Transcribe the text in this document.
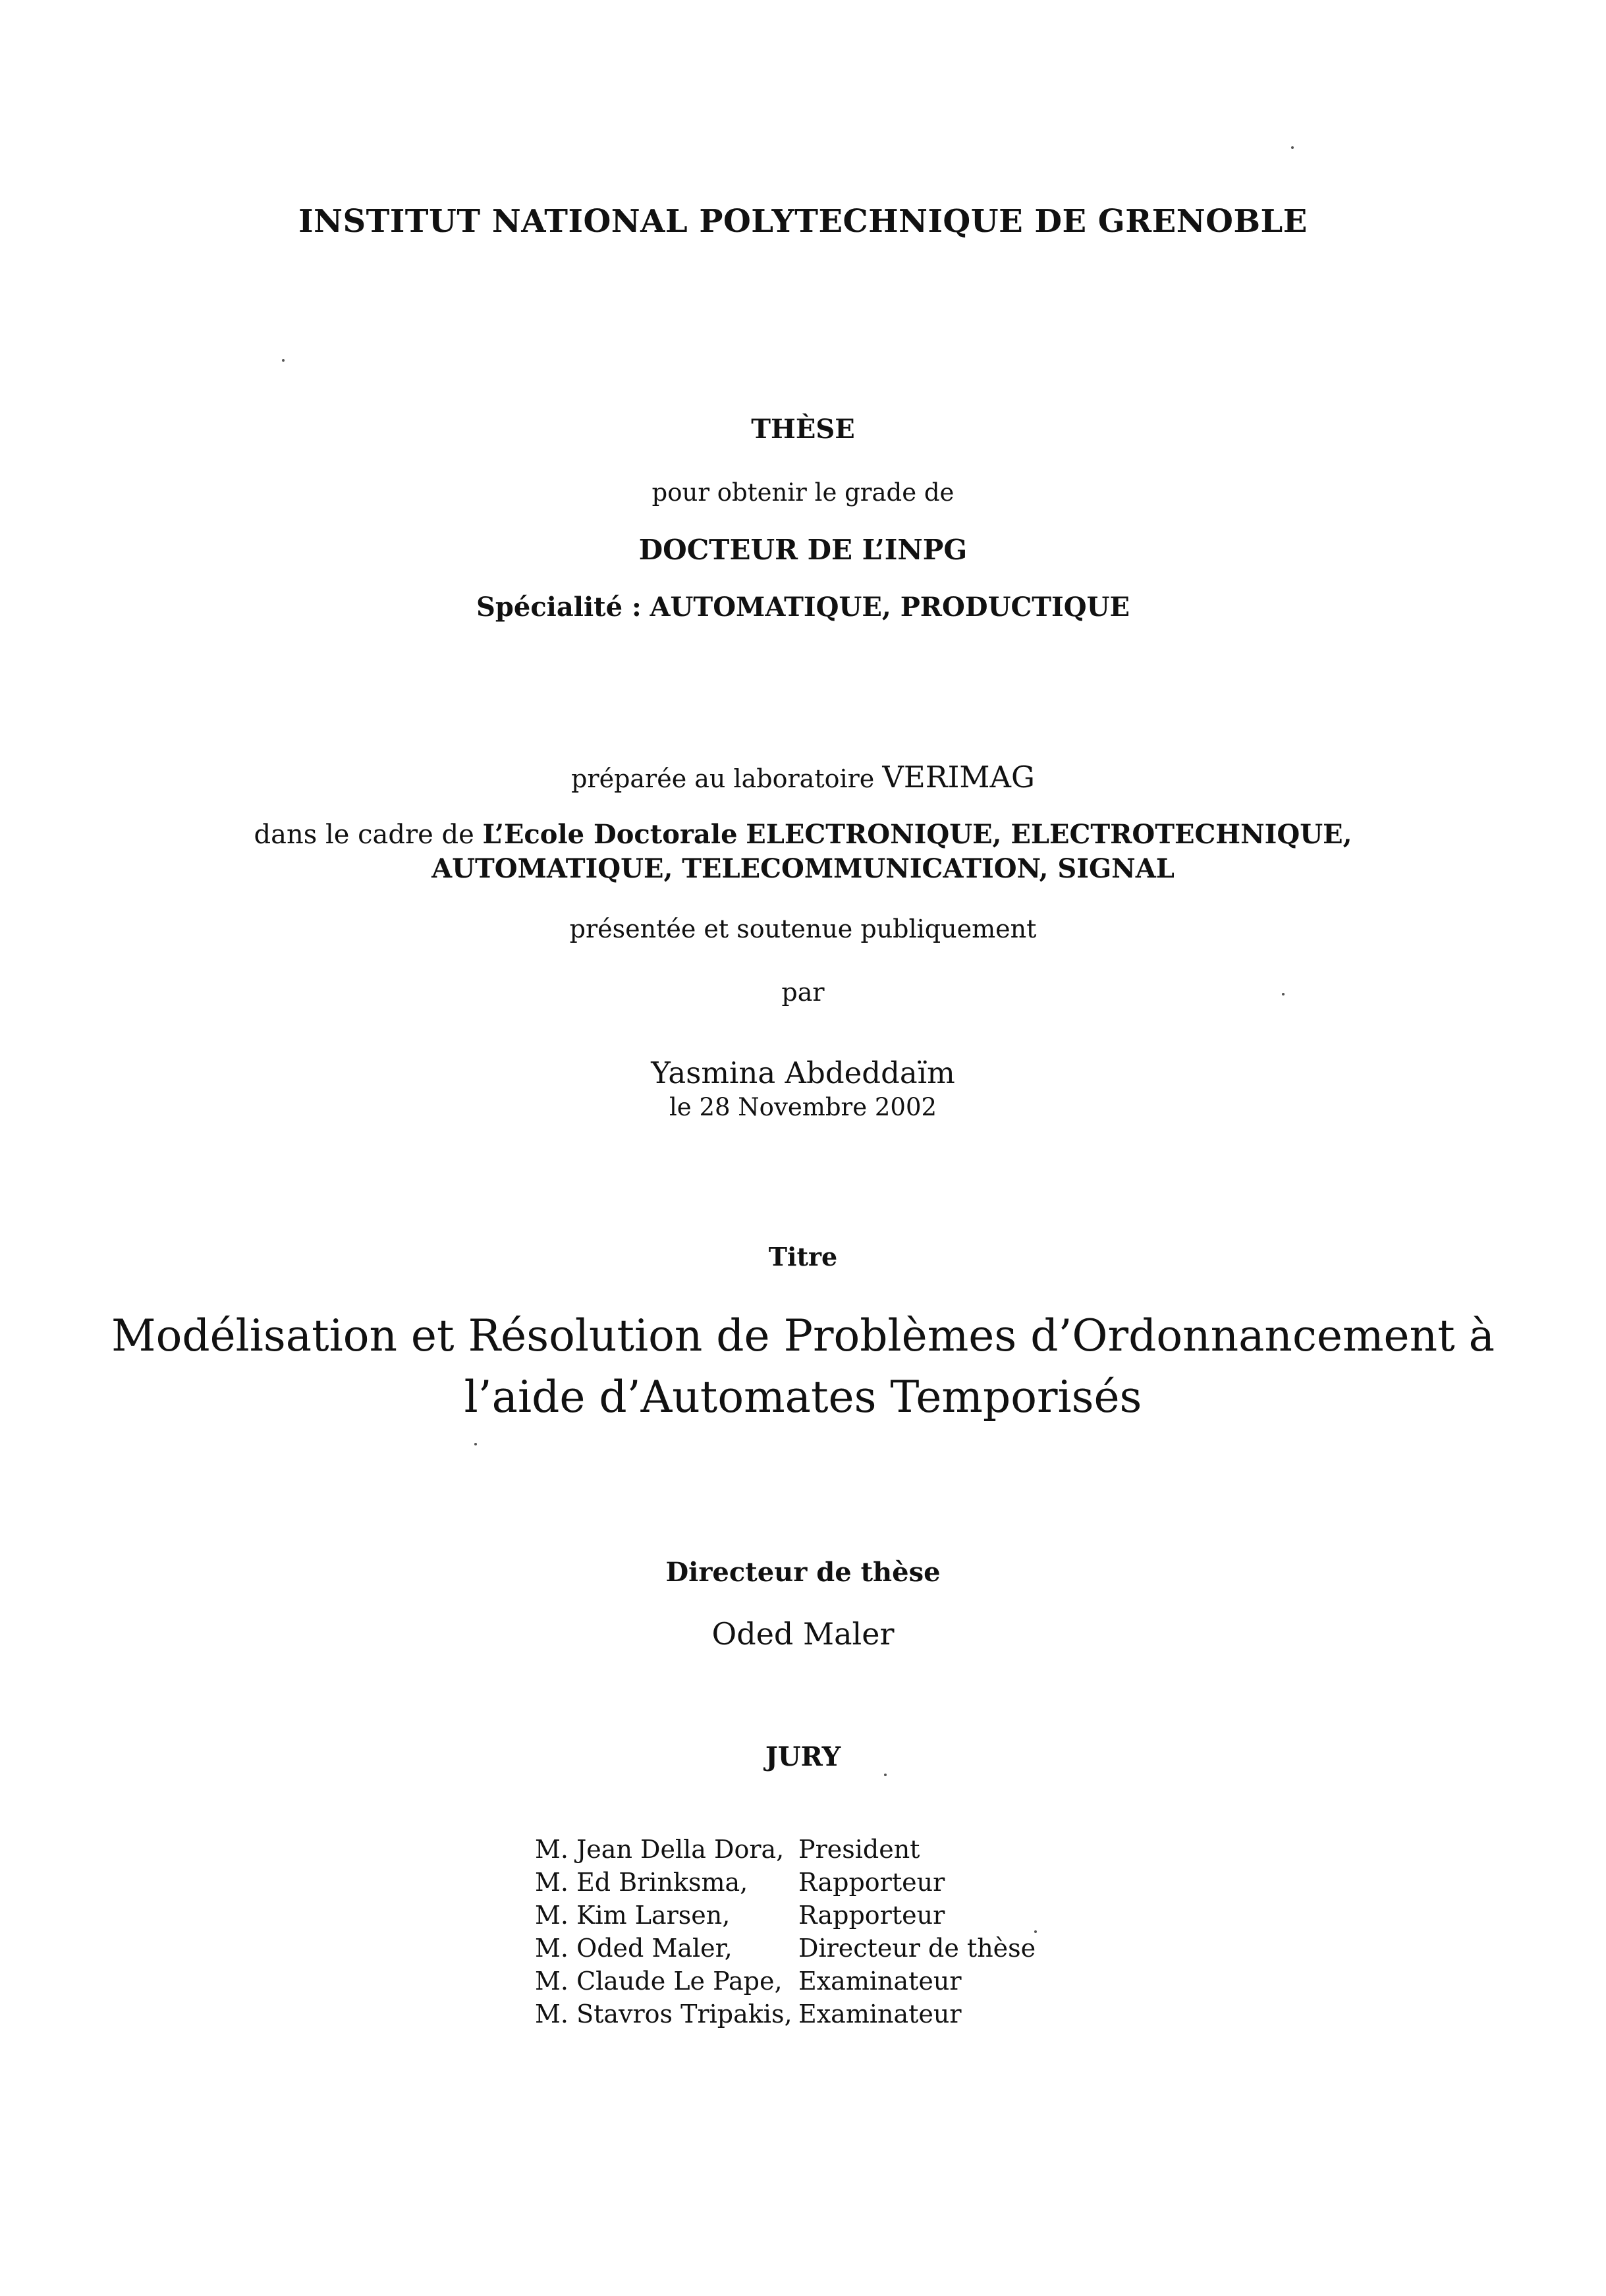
INSTITUT NATIONAL POLYTECHNIQUE DE GRENOBLE
THÈSE
pour obtenir le grade de
DOCTEUR DE L’INPG
Spécialité : AUTOMATIQUE, PRODUCTIQUE
préparée au laboratoire VERIMAG
dans le cadre de L’Ecole Doctorale ELECTRONIQUE, ELECTROTECHNIQUE,
AUTOMATIQUE, TELECOMMUNICATION, SIGNAL
présentée et soutenue publiquement
par
Yasmina Abdeddaïm
le 28 Novembre 2002
Titre
Modélisation et Résolution de Problèmes d’Ordonnancement à
l’aide d’Automates Temporisés
Directeur de thèse
Oded Maler
JURY
M. Jean Della Dora, President
M. Ed Brinksma,	Rapporteur
M. Kim Larsen,	Rapporteur
M. Oded Maler,	Directeur de thèse
M. Claude Le Pape, Examinateur
M. Stavros Tripakis, Examinateur
